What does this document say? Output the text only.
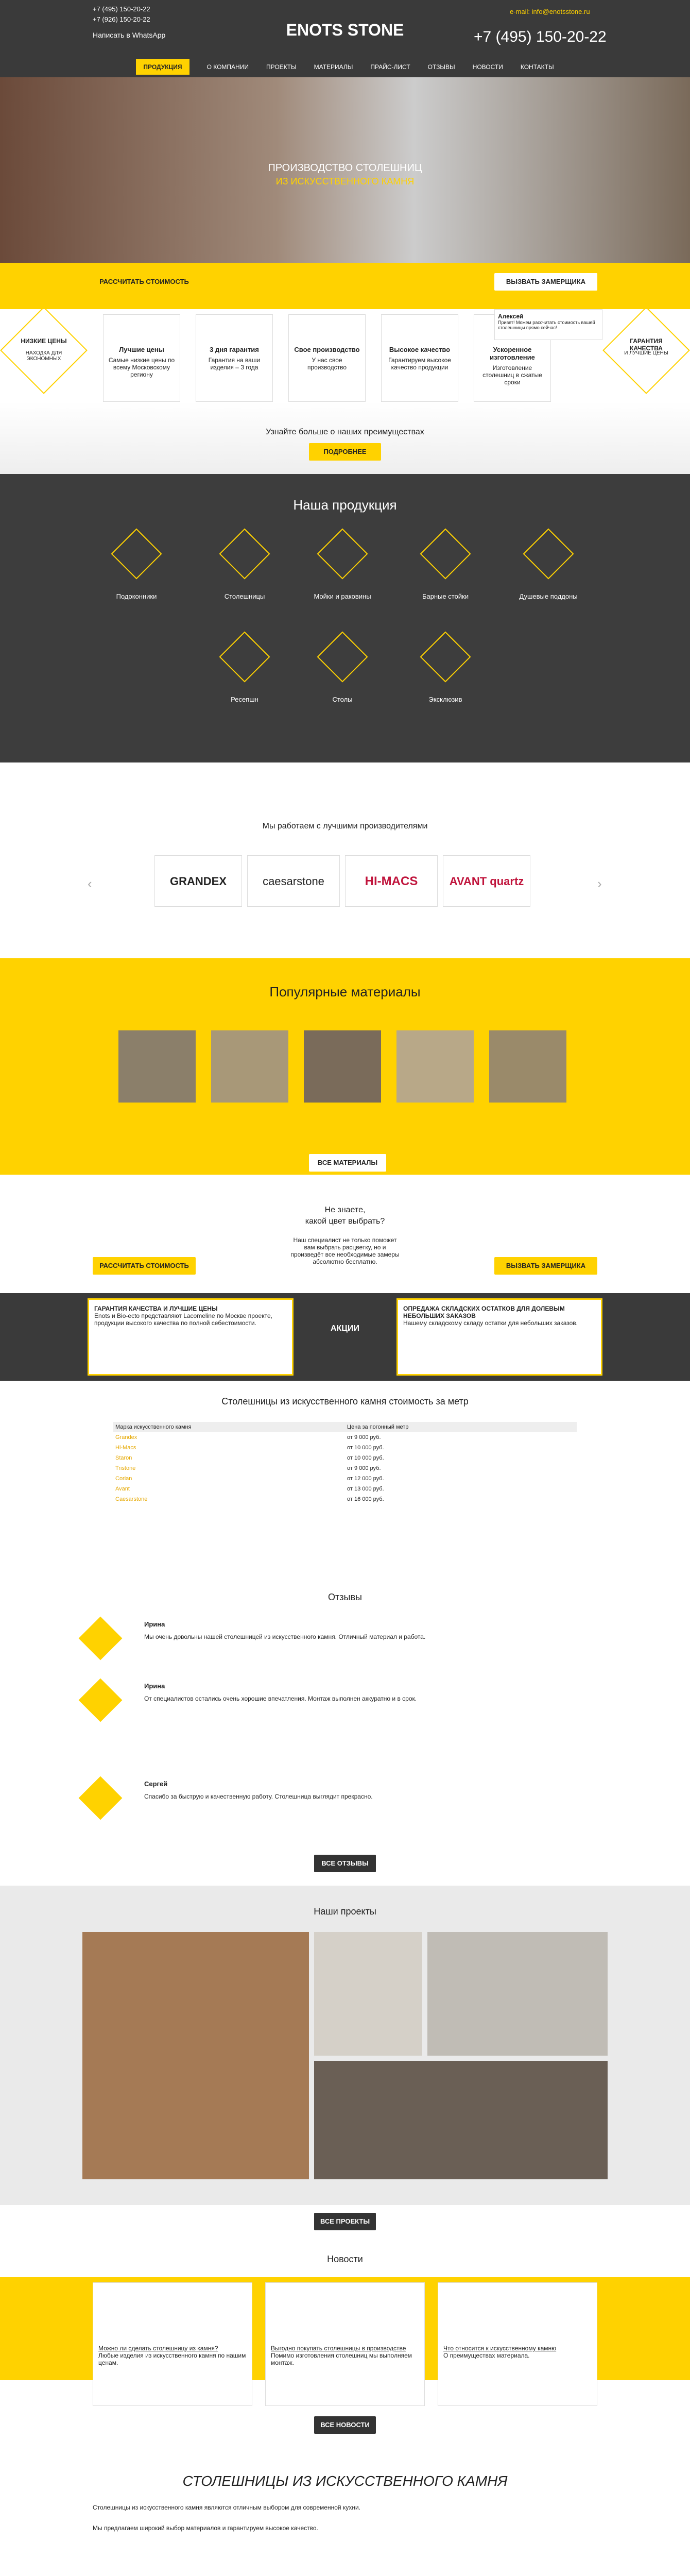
+7 (495) 150-20-22
+7 (926) 150-20-22
Написать в WhatsApp	ENOTS STONE
e-mail: info@enotsstone.ru
+7 (495) 150-20-22
ПРОДУКЦИЯ	О КОМПАНИИ	ПРОЕКТЫ	МАТЕРИАЛЫ	ПРАЙС-ЛИСТ	ОТЗЫВЫ	НОВОСТИ	КОНТАКТЫ
ПРОИЗВОДСТВО СТОЛЕШНИЦ
ИЗ ИСКУССТВЕННОГО КАМНЯ
РАССЧИТАТЬ СТОИМОСТЬ	ВЫЗВАТЬ ЗАМЕРЩИКА
НИЗКИЕ ЦЕНЫ
НАХОДКА ДЛЯ ЭКОНОМНЫХ
ГАРАНТИЯ КАЧЕСТВА
И ЛУЧШИЕ ЦЕНЫ
Лучшие цены
Самые низкие цены по всему Московскому региону
3 дня гарантия
Гарантия на ваши изделия – 3 года
Свое производство
У нас свое производство
Высокое качество
Гарантируем высокое качество продукции
Ускоренное изготовление
Изготовление столешниц в сжатые сроки
Алексей
Привет! Можем рассчитать стоимость вашей столешницы прямо сейчас!
Узнайте больше о наших преимуществах
ПОДРОБНЕЕ
Наша продукция
Подоконники	Столешницы	Мойки и раковины	Барные стойки	Душевые поддоны
Ресепшн	Столы	Эксклюзив
Мы работаем с лучшими производителями
GRANDEX	caesarstone	HI-MACS	AVANT quartz
‹	›
Популярные материалы
ВСЕ МАТЕРИАЛЫ
Не знаете,
какой цвет выбрать?
Наш специалист не только поможет вам выбрать расцветку, но и произведёт все необходимые замеры абсолютно бесплатно.
РАССЧИТАТЬ СТОИМОСТЬ	ВЫЗВАТЬ ЗАМЕРЩИКА
ГАРАНТИЯ КАЧЕСТВА И ЛУЧШИЕ ЦЕНЫ
Enots и Bio-ecto представляют Lacomeline по Москве проекте, продукции высокого качества по полной себестоимости.
АКЦИИ
ОПРЕДАЖА СКЛАДСКИХ ОСТАТКОВ ДЛЯ ДОЛЕВЫМ НЕБОЛЬШИХ ЗАКАЗОВ
Нашему складскому складу остатки для небольших заказов.
Столешницы из искусственного камня стоимость за метр
Марка искусственного камня	Цена за погонный метр
Grandex	от 9 000 руб.
Hi-Macs	от 10 000 руб.
Staron	от 10 000 руб.
Tristone	от 9 000 руб.
Corian	от 12 000 руб.
Avant	от 13 000 руб.
Caesarstone	от 16 000 руб.
Отзывы
Ирина
Мы очень довольны нашей столешницей из искусственного камня. Отличный материал и работа.
Ирина
От специалистов остались очень хорошие впечатления. Монтаж выполнен аккуратно и в срок.
Сергей
Спасибо за быструю и качественную работу. Столешница выглядит прекрасно.
ВСЕ ОТЗЫВЫ
Наши проекты
ВСЕ ПРОЕКТЫ
Новости
Можно ли сделать столешницу из камня?
Любые изделия из искусственного камня по нашим ценам.
Выгодно покупать столешницы в производстве
Помимо изготовления столешниц мы выполняем монтаж.
Что относится к искусственному камню
О преимуществах материала.
ВСЕ НОВОСТИ
СТОЛЕШНИЦЫ ИЗ ИСКУССТВЕННОГО КАМНЯ
Столешницы из искусственного камня являются отличным выбором для современной кухни.
Мы предлагаем широкий выбор материалов и гарантируем высокое качество.
